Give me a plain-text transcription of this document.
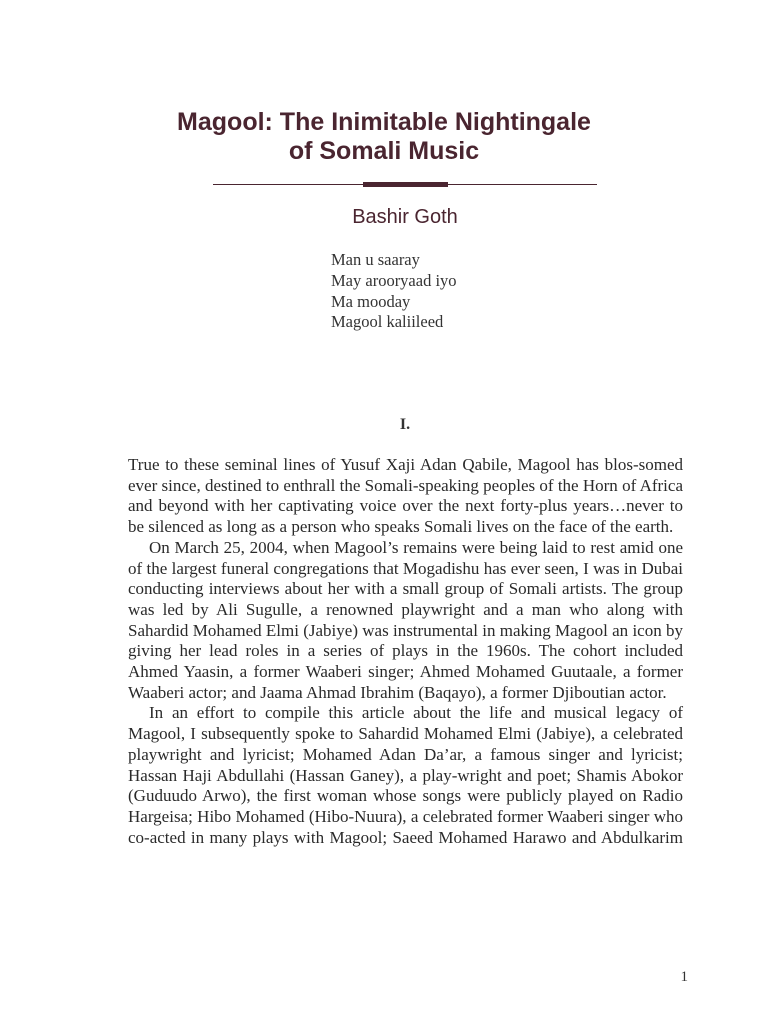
Magool: The Inimitable Nightingale
of Somali Music
Bashir Goth
Man u saaray
May arooryaad iyo
Ma mooday
Magool kaliileed
I.

True to these seminal lines of Yusuf Xaji Adan Qabile, Magool has blos-somed ever since, destined to enthrall the Somali-speaking peoples of the Horn of Africa and beyond with her captivating voice over the next forty-plus years…never to be silenced as long as a person who speaks Somali lives on the face of the earth.

On March 25, 2004, when Magool’s remains were being laid to rest amid one of the largest funeral congregations that Mogadishu has ever seen, I was in Dubai conducting interviews about her with a small group of Somali artists. The group was led by Ali Sugulle, a renowned playwright and a man who along with Sahardid Mohamed Elmi (Jabiye) was instrumental in making Magool an icon by giving her lead roles in a series of plays in the 1960s. The cohort included Ahmed Yaasin, a former Waaberi singer; Ahmed Mohamed Guutaale, a former Waaberi actor; and Jaama Ahmad Ibrahim (Baqayo), a former Djiboutian actor.

In an effort to compile this article about the life and musical legacy of Magool, I subsequently spoke to Sahardid Mohamed Elmi (Jabiye), a celebrated playwright and lyricist; Mohamed Adan Da’ar, a famous singer and lyricist; Hassan Haji Abdullahi (Hassan Ganey), a play-wright and poet; Shamis Abokor (Guduudo Arwo), the first woman whose songs were publicly played on Radio Hargeisa; Hibo Mohamed (Hibo-Nuura), a celebrated former Waaberi singer who co-acted in many plays with Magool; Saeed Mohamed Harawo and Abdulkarim

1
